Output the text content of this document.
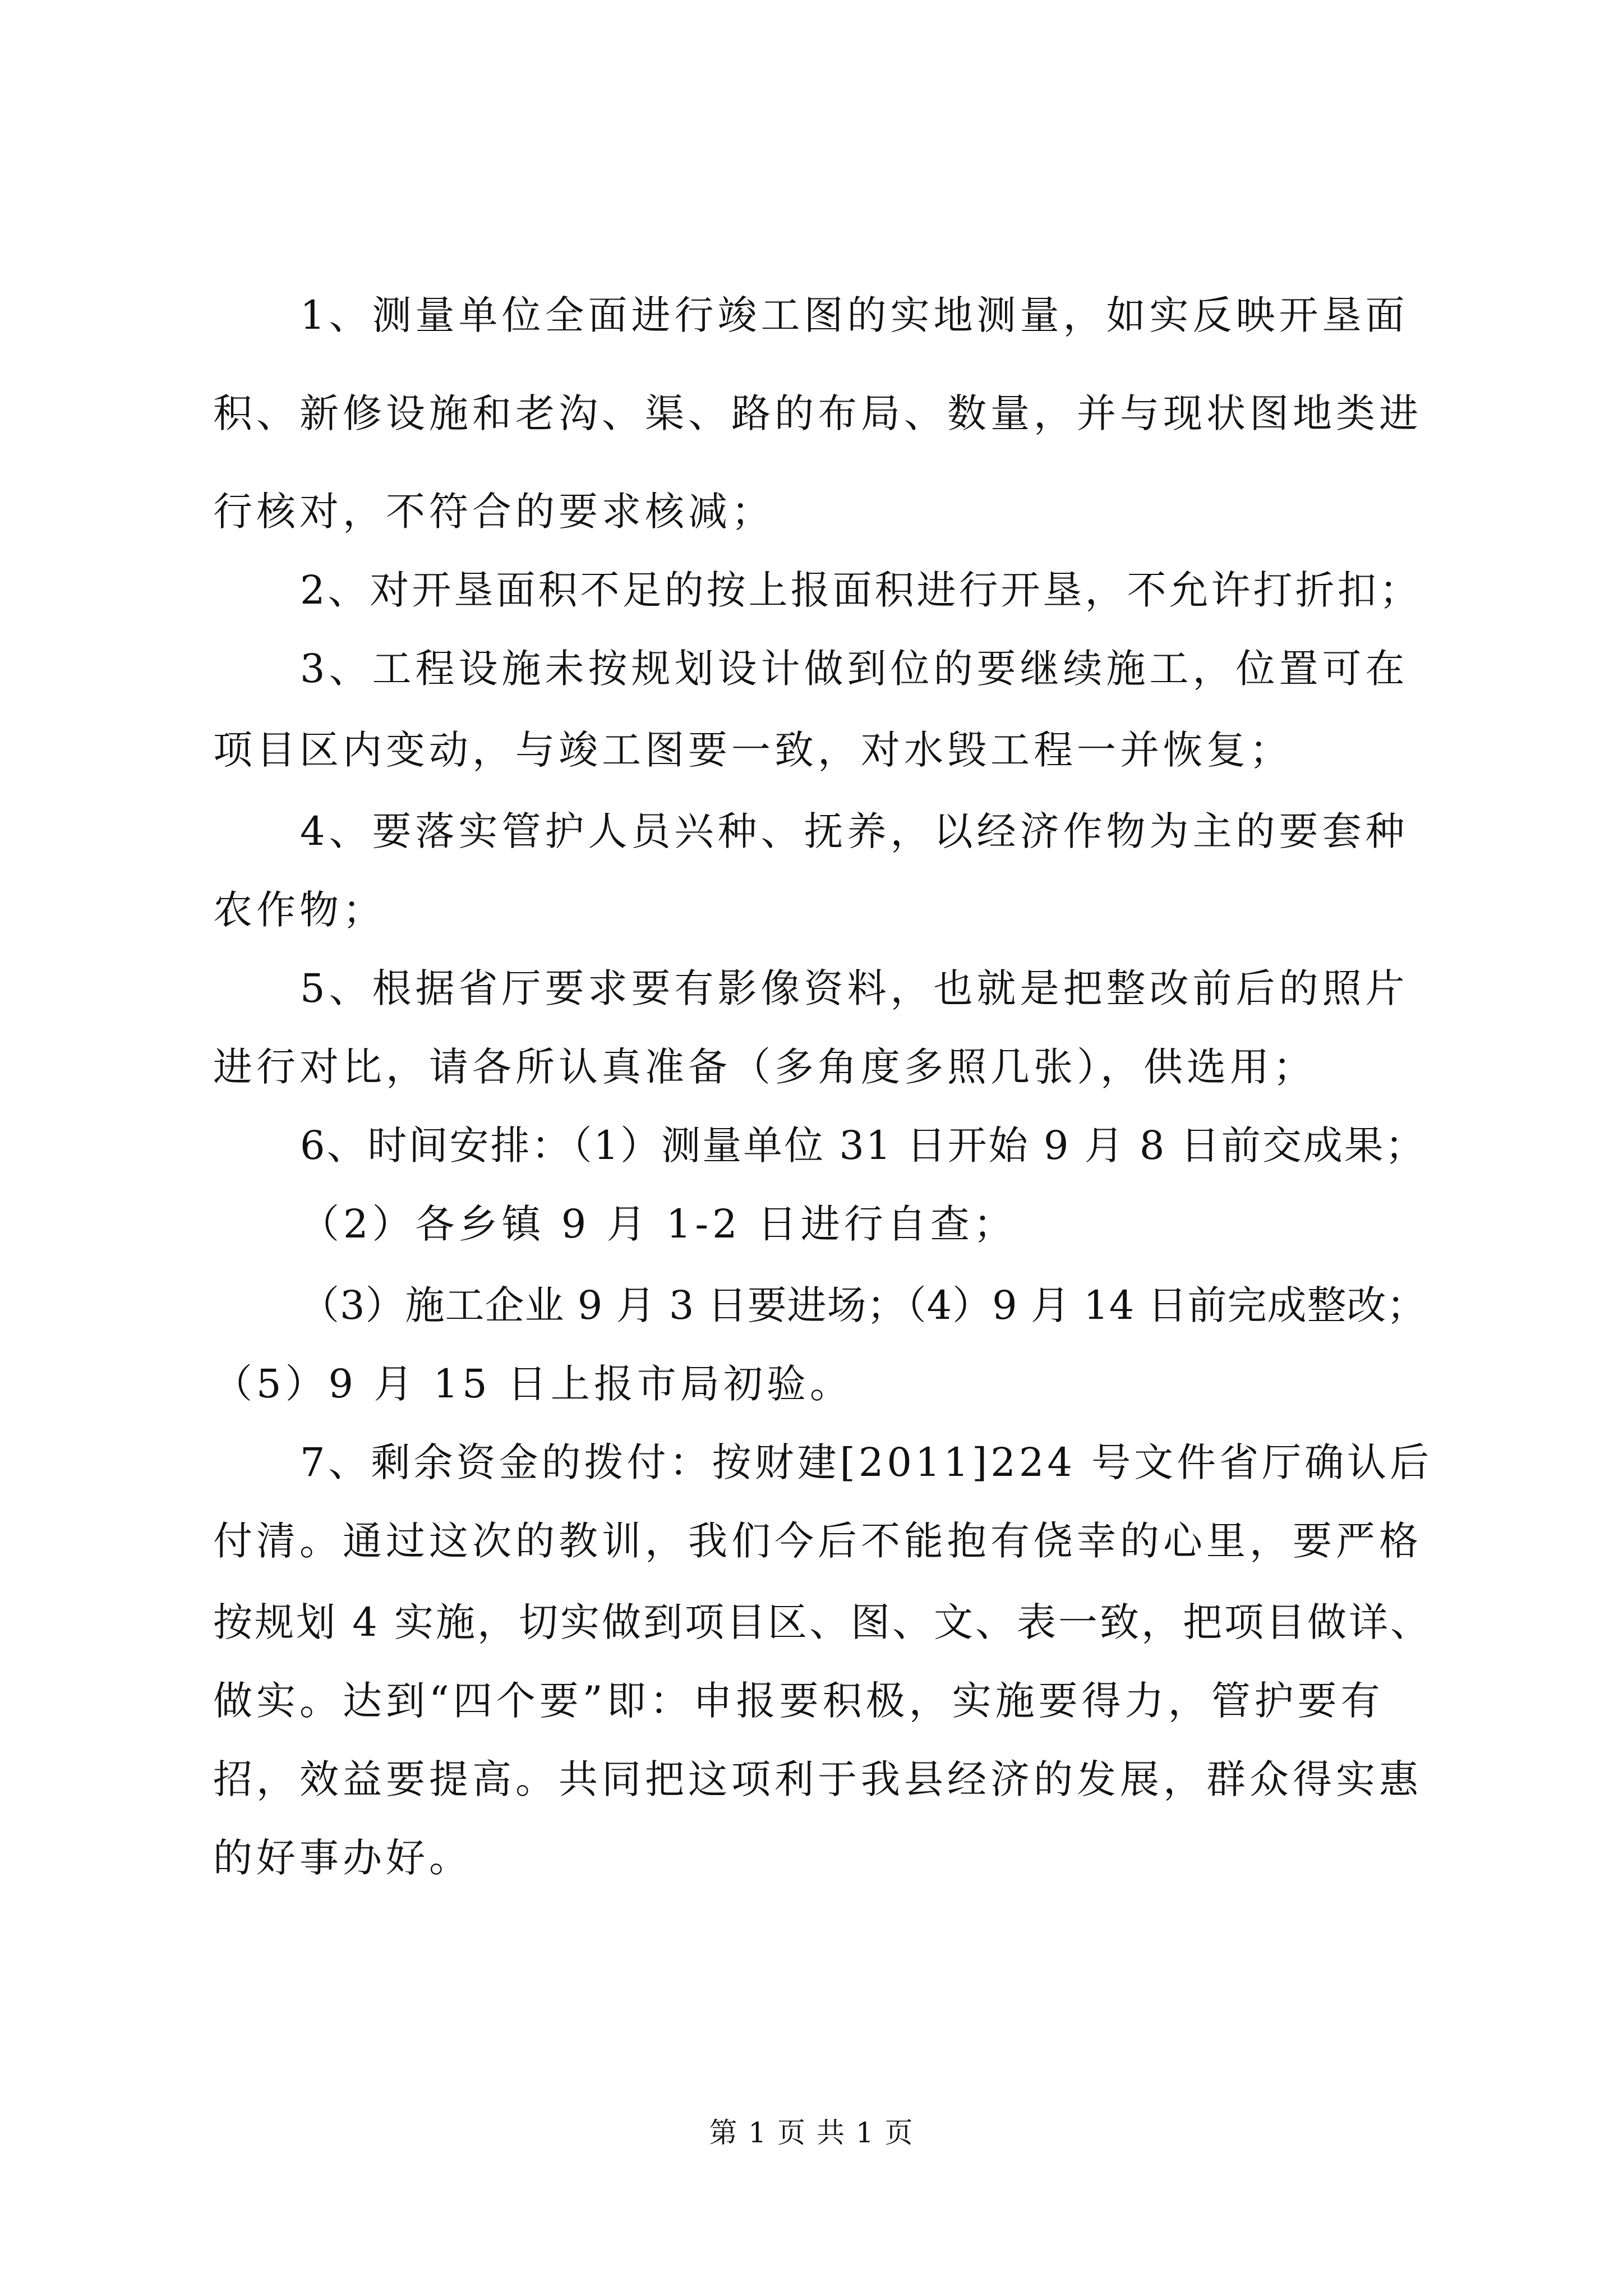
1、测量单位全面进行竣工图的实地测量，如实反映开垦面
积、新修设施和老沟、渠、路的布局、数量，并与现状图地类进
行核对，不符合的要求核减；
2、对开垦面积不足的按上报面积进行开垦，不允许打折扣；
3、工程设施未按规划设计做到位的要继续施工，位置可在
项目区内变动，与竣工图要一致，对水毁工程一并恢复；
4、要落实管护人员兴种、抚养，以经济作物为主的要套种
农作物；
5、根据省厅要求要有影像资料，也就是把整改前后的照片
进行对比，请各所认真准备（多角度多照几张），供选用；
6、时间安排：（1）测量单位 31 日开始 9 月 8 日前交成果；
（2）各乡镇 9 月 1-2 日进行自查；
（3）施工企业 9 月 3 日要进场；（4）9 月 14 日前完成整改；
（5）9 月 15 日上报市局初验。
7、剩余资金的拨付：按财建[2011]224 号文件省厅确认后
付清。通过这次的教训，我们今后不能抱有侥幸的心里，要严格
按规划 4 实施，切实做到项目区、图、文、表一致，把项目做详、
做实。达到“四个要”即：申报要积极，实施要得力，管护要有
招，效益要提高。共同把这项利于我县经济的发展，群众得实惠
的好事办好。
第 1 页 共 1 页
